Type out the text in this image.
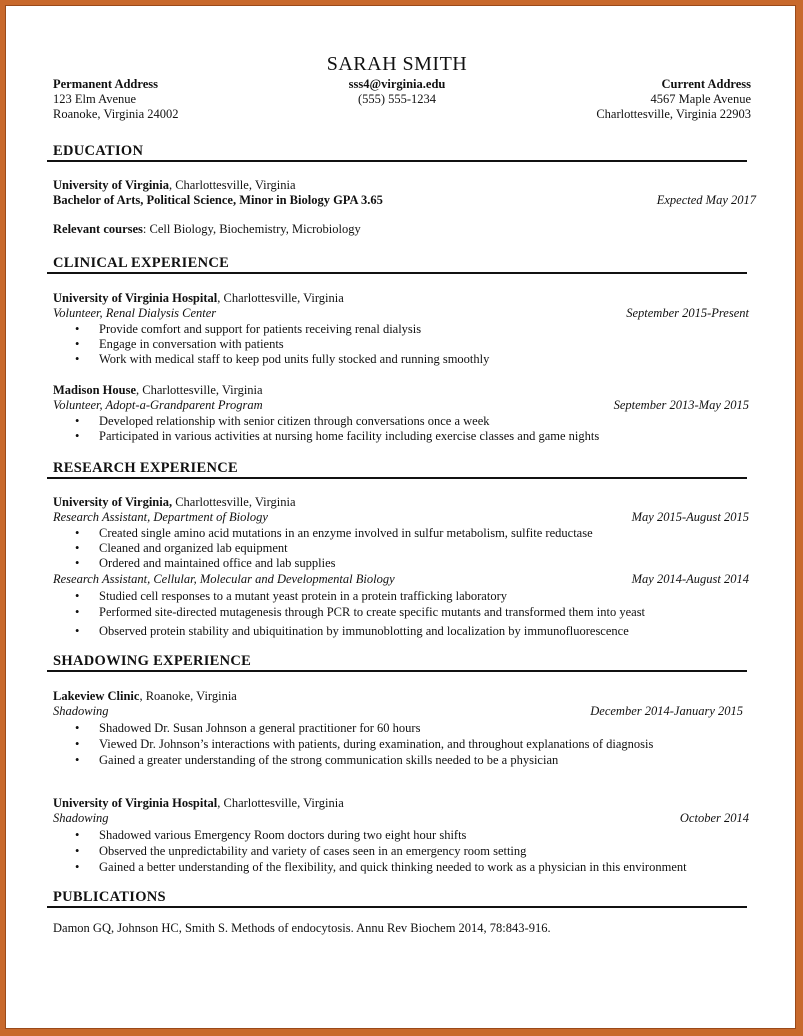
SARAH SMITH
Permanent Address
123 Elm Avenue
Roanoke, Virginia 24002
sss4@virginia.edu
(555) 555-1234
Current Address
4567 Maple Avenue
Charlottesville, Virginia 22903
EDUCATION
University of Virginia, Charlottesville, Virginia
Bachelor of Arts, Political Science, Minor in Biology GPA 3.65	Expected May 2017
Relevant courses: Cell Biology, Biochemistry, Microbiology
CLINICAL EXPERIENCE
University of Virginia Hospital, Charlottesville, Virginia
Volunteer, Renal Dialysis Center	September 2015-Present
• Provide comfort and support for patients receiving renal dialysis
• Engage in conversation with patients
• Work with medical staff to keep pod units fully stocked and running smoothly
Madison House, Charlottesville, Virginia
Volunteer, Adopt-a-Grandparent Program	September 2013-May 2015
• Developed relationship with senior citizen through conversations once a week
• Participated in various activities at nursing home facility including exercise classes and game nights
RESEARCH EXPERIENCE
University of Virginia, Charlottesville, Virginia
Research Assistant, Department of Biology	May 2015-August 2015
• Created single amino acid mutations in an enzyme involved in sulfur metabolism, sulfite reductase
• Cleaned and organized lab equipment
• Ordered and maintained office and lab supplies
Research Assistant, Cellular, Molecular and Developmental Biology	May 2014-August 2014
• Studied cell responses to a mutant yeast protein in a protein trafficking laboratory
• Performed site-directed mutagenesis through PCR to create specific mutants and transformed them into yeast
• Observed protein stability and ubiquitination by immunoblotting and localization by immunofluorescence
SHADOWING EXPERIENCE
Lakeview Clinic, Roanoke, Virginia
Shadowing	December 2014-January 2015
• Shadowed Dr. Susan Johnson a general practitioner for 60 hours
• Viewed Dr. Johnson’s interactions with patients, during examination, and throughout explanations of diagnosis
• Gained a greater understanding of the strong communication skills needed to be a physician
University of Virginia Hospital, Charlottesville, Virginia
Shadowing	October 2014
• Shadowed various Emergency Room doctors during two eight hour shifts
• Observed the unpredictability and variety of cases seen in an emergency room setting
• Gained a better understanding of the flexibility, and quick thinking needed to work as a physician in this environment
PUBLICATIONS
Damon GQ, Johnson HC, Smith S. Methods of endocytosis. Annu Rev Biochem 2014, 78:843-916.
